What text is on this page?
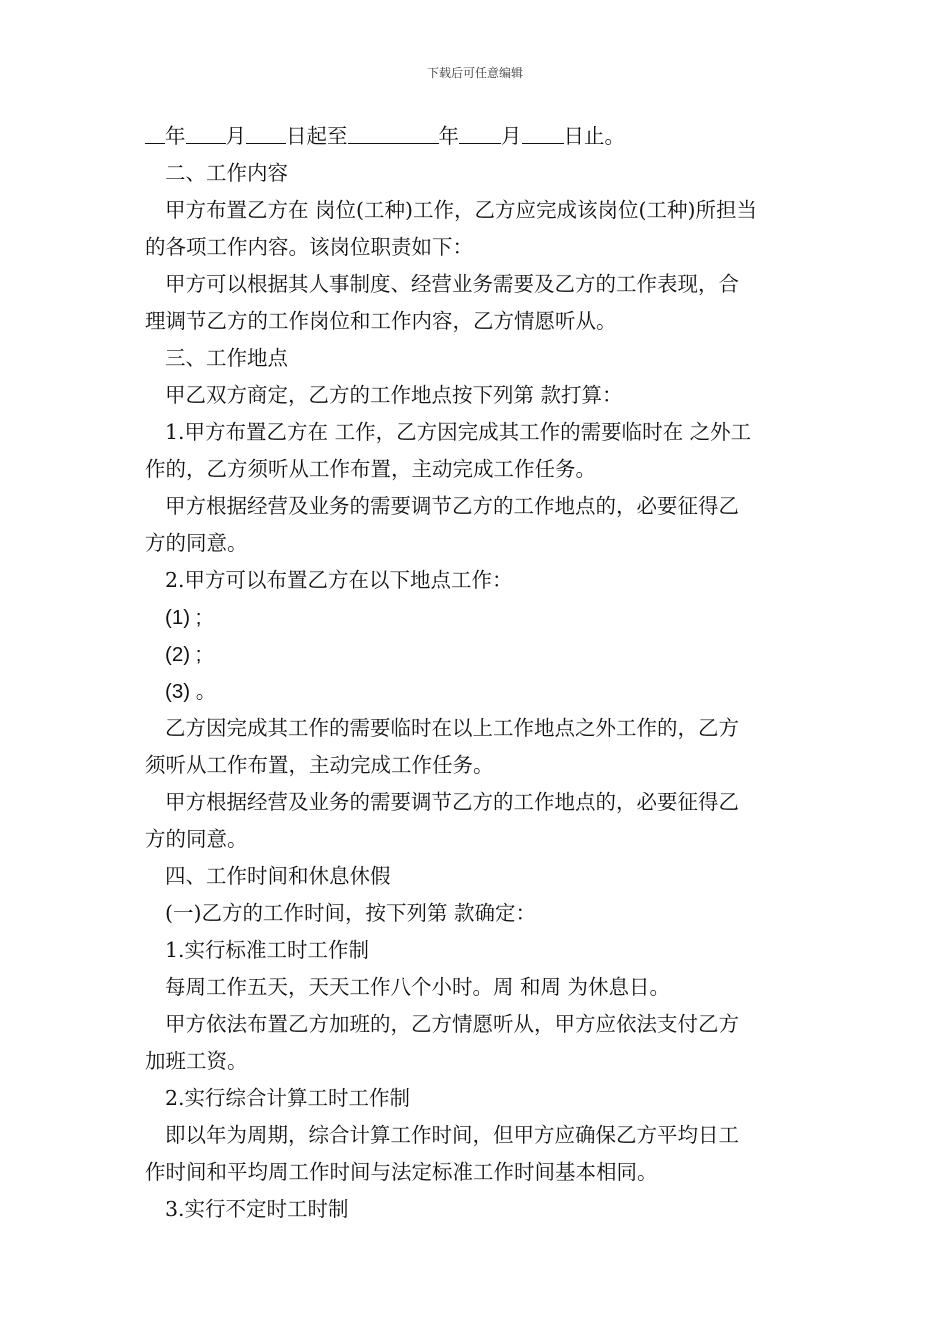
下载后可任意编辑
年 月 日起至	年 月 日止。
二、工作内容
甲方布置乙方在 岗位(工种)工作，乙方应完成该岗位(工种)所担当
的各项工作内容。该岗位职责如下：
甲方可以根据其人事制度、经营业务需要及乙方的工作表现，合
理调节乙方的工作岗位和工作内容，乙方情愿听从。
三、工作地点
甲乙双方商定，乙方的工作地点按下列第 款打算：
1.甲方布置乙方在 工作，乙方因完成其工作的需要临时在 之外工
作的，乙方须听从工作布置，主动完成工作任务。
甲方根据经营及业务的需要调节乙方的工作地点的，必要征得乙
方的同意。
2.甲方可以布置乙方在以下地点工作：
(1) ;
(2) ;
(3) 。
乙方因完成其工作的需要临时在以上工作地点之外工作的，乙方
须听从工作布置，主动完成工作任务。
甲方根据经营及业务的需要调节乙方的工作地点的，必要征得乙
方的同意。
四、工作时间和休息休假
(一)乙方的工作时间，按下列第 款确定：
1.实行标准工时工作制
每周工作五天，天天工作八个小时。周 和周 为休息日。
甲方依法布置乙方加班的，乙方情愿听从，甲方应依法支付乙方
加班工资。
2.实行综合计算工时工作制
即以年为周期，综合计算工作时间，但甲方应确保乙方平均日工
作时间和平均周工作时间与法定标准工作时间基本相同。
3.实行不定时工时制
